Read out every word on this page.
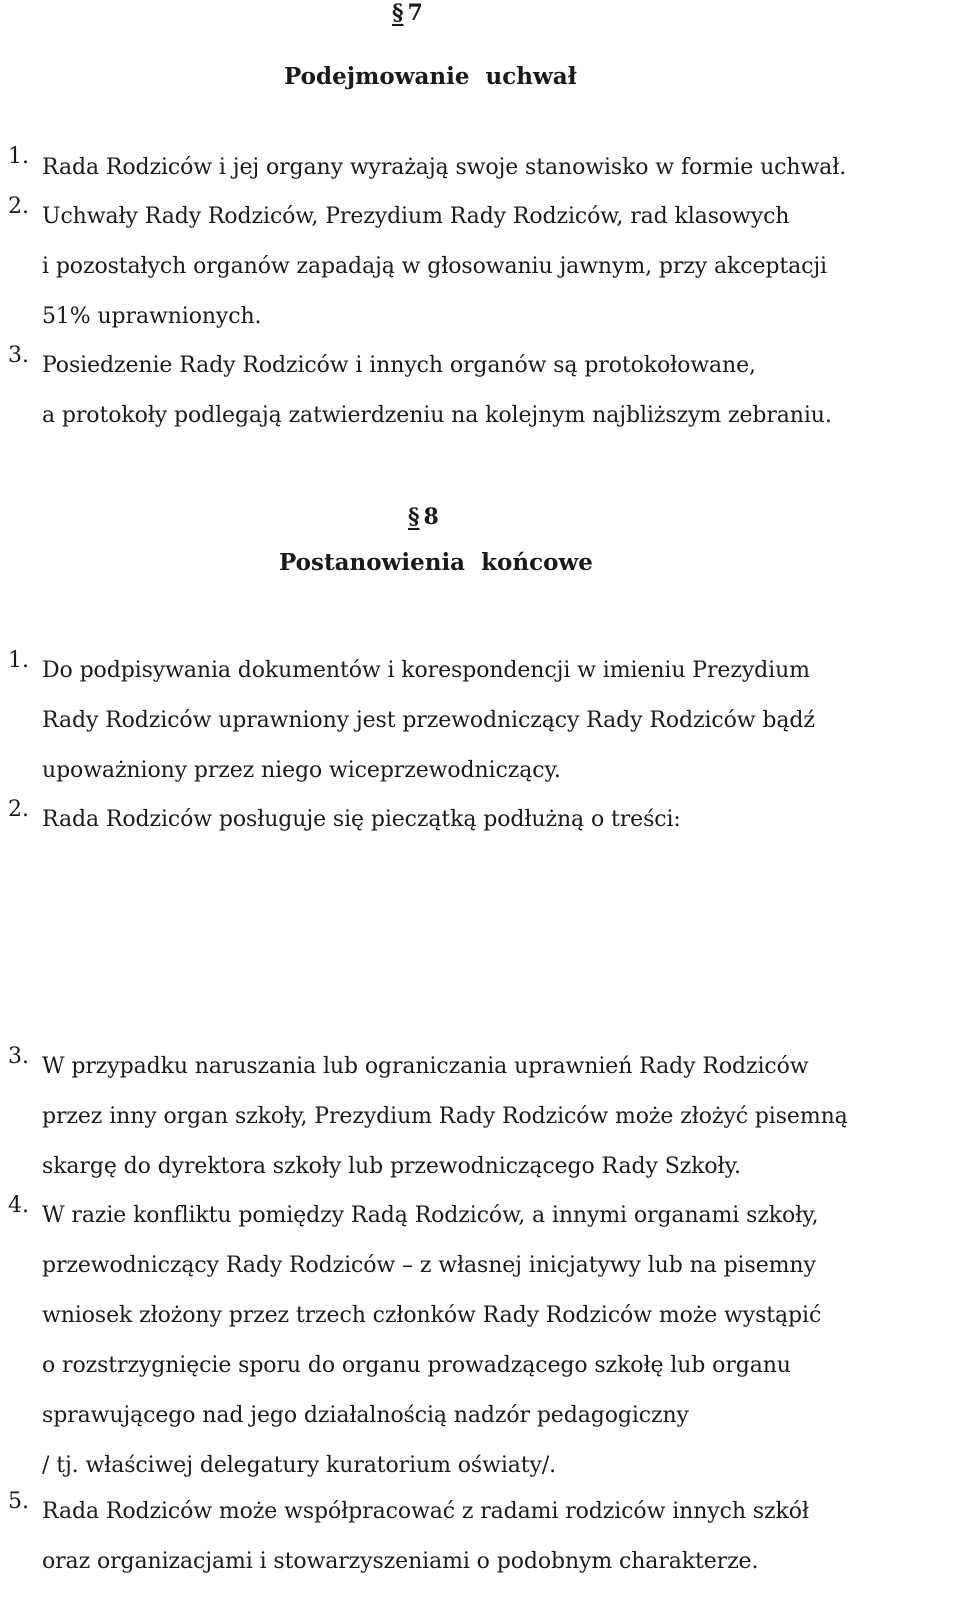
§ 7
Podejmowanie  uchwał
1. Rada Rodziców i jej organy wyrażają swoje stanowisko w formie uchwał.
2. Uchwały Rady Rodziców, Prezydium Rady Rodziców, rad klasowych
i pozostałych organów zapadają w głosowaniu jawnym, przy akceptacji
51% uprawnionych.
3. Posiedzenie Rady Rodziców i innych organów są protokołowane,
a protokoły podlegają zatwierdzeniu na kolejnym najbliższym zebraniu.
§ 8
Postanowienia  końcowe
1. Do podpisywania dokumentów i korespondencji w imieniu Prezydium
Rady Rodziców uprawniony jest przewodniczący Rady Rodziców bądź
upoważniony przez niego wiceprzewodniczący.
2. Rada Rodziców posługuje się pieczątką podłużną o treści:
3. W przypadku naruszania lub ograniczania uprawnień Rady Rodziców
przez inny organ szkoły, Prezydium Rady Rodziców może złożyć pisemną
skargę do dyrektora szkoły lub przewodniczącego Rady Szkoły.
4. W razie konfliktu pomiędzy Radą Rodziców, a innymi organami szkoły,
przewodniczący Rady Rodziców – z własnej inicjatywy lub na pisemny
wniosek złożony przez trzech członków Rady Rodziców może wystąpić
o rozstrzygnięcie sporu do organu prowadzącego szkołę lub organu
sprawującego nad jego działalnością nadzór pedagogiczny
/ tj. właściwej delegatury kuratorium oświaty/.
5. Rada Rodziców może współpracować z radami rodziców innych szkół
oraz organizacjami i stowarzyszeniami o podobnym charakterze.
